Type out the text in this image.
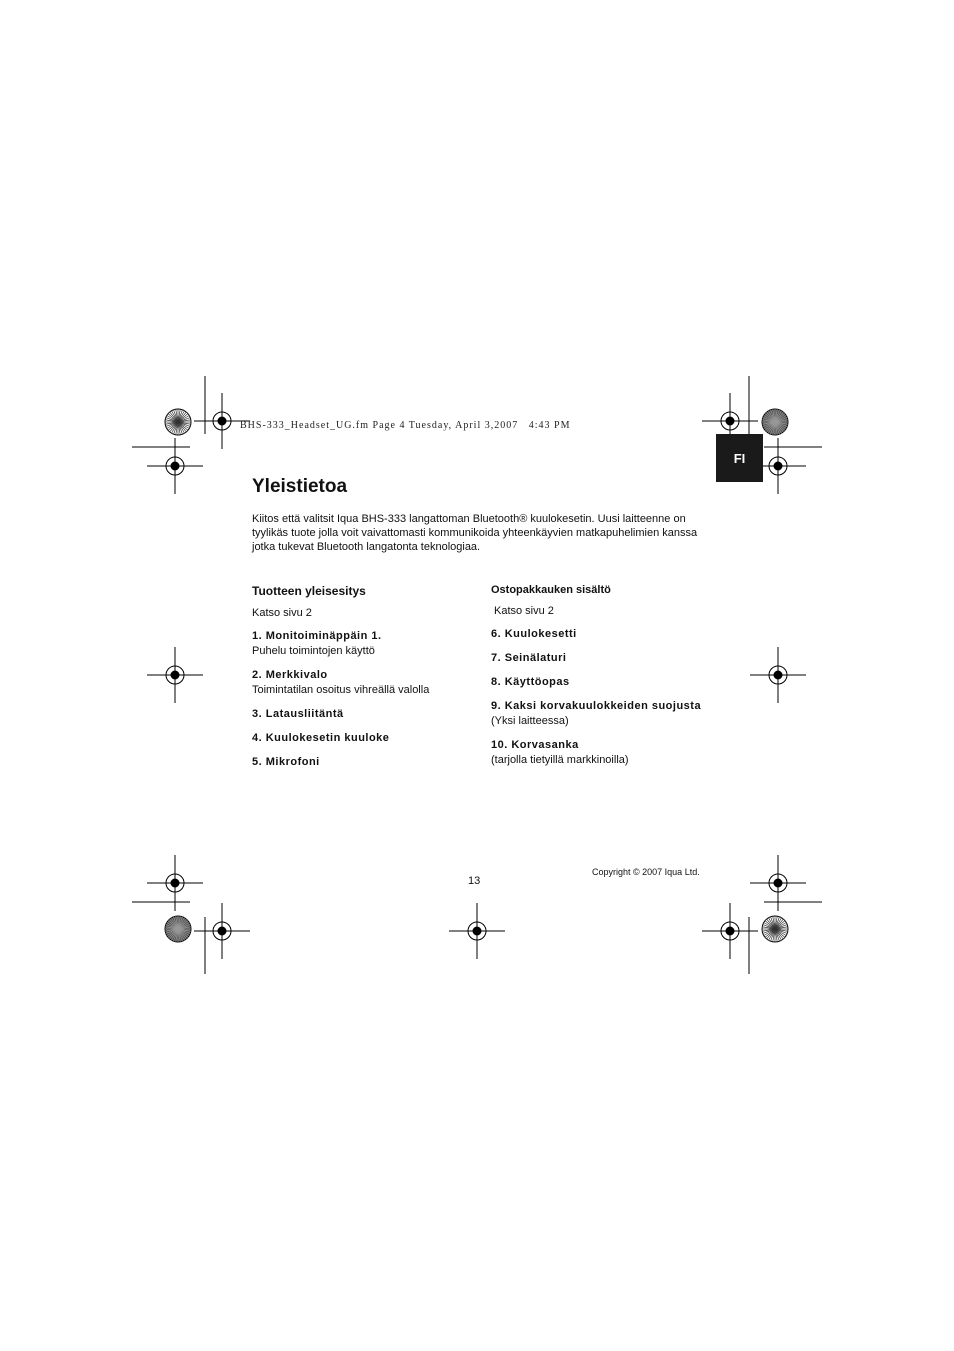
BHS-333_Headset_UG.fm Page 4 Tuesday, April 3,2007   4:43 PM
FI
Yleistietoa

Kiitos että valitsit Iqua BHS-333 langattoman Bluetooth® kuulokesetin. Uusi laitteenne on tyylikäs tuote jolla voit vaivattomasti kommunikoida yhteenkäyvien matkapuhelimien kanssa jotka tukevat Bluetooth langatonta teknologiaa.

Tuotteen yleisesitys
Katso sivu 2
1. Monitoiminäppäin 1.
Puhelu toimintojen käyttö
2. Merkkivalo
Toimintatilan osoitus vihreällä valolla
3. Latausliitäntä
4. Kuulokesetin kuuloke
5. Mikrofoni
Ostopakkauken sisältö
Katso sivu 2
6. Kuulokesetti
7. Seinälaturi
8. Käyttöopas
9. Kaksi korvakuulokkeiden suojusta
(Yksi laitteessa)
10. Korvasanka
(tarjolla tietyillä markkinoilla)
13
Copyright © 2007 Iqua Ltd.
